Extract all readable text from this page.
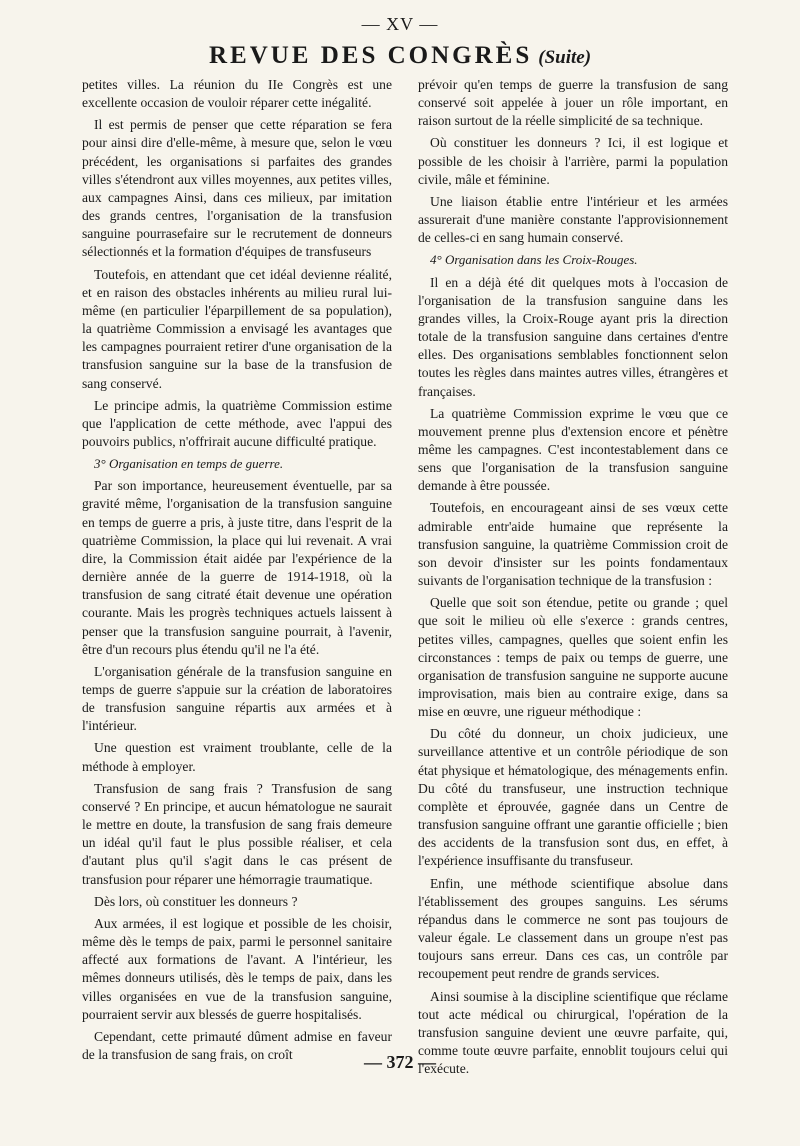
— XV —
REVUE DES CONGRÈS (Suite)

petites villes. La réunion du IIe Congrès est une excellente occasion de vouloir réparer cette inégalité.

Il est permis de penser que cette réparation se fera pour ainsi dire d'elle-même, à mesure que, selon le vœu précédent, les organisations si parfaites des grandes villes s'étendront aux villes moyennes, aux petites villes, aux campagnes Ainsi, dans ces milieux, par imitation des grands centres, l'organisation de la transfusion sanguine pourrasefaire sur le recrutement de donneurs sélectionnés et la formation d'équipes de transfuseurs

Toutefois, en attendant que cet idéal devienne réalité, et en raison des obstacles inhérents au milieu rural lui-même (en particulier l'éparpillement de sa population), la quatrième Commission a envisagé les avantages que les campagnes pourraient retirer d'une organisation de la transfusion sanguine sur la base de la transfusion de sang conservé.

Le principe admis, la quatrième Commission estime que l'application de cette méthode, avec l'appui des pouvoirs publics, n'offrirait aucune difficulté pratique.

3° Organisation en temps de guerre.

Par son importance, heureusement éventuelle, par sa gravité même, l'organisation de la transfusion sanguine en temps de guerre a pris, à juste titre, dans l'esprit de la quatrième Commission, la place qui lui revenait. A vrai dire, la Commission était aidée par l'expérience de la dernière année de la guerre de 1914-1918, où la transfusion de sang citraté était devenue une opération courante. Mais les progrès techniques actuels laissent à penser que la transfusion sanguine pourrait, à l'avenir, être d'un recours plus étendu qu'il ne l'a été.

L'organisation générale de la transfusion sanguine en temps de guerre s'appuie sur la création de laboratoires de transfusion sanguine répartis aux armées et à l'intérieur.

Une question est vraiment troublante, celle de la méthode à employer.

Transfusion de sang frais ? Transfusion de sang conservé ? En principe, et aucun hématologue ne saurait le mettre en doute, la transfusion de sang frais demeure un idéal qu'il faut le plus possible réaliser, et cela d'autant plus qu'il s'agit dans le cas présent de transfusion pour réparer une hémorragie traumatique.

Dès lors, où constituer les donneurs ?

Aux armées, il est logique et possible de les choisir, même dès le temps de paix, parmi le personnel sanitaire affecté aux formations de l'avant. A l'intérieur, les mêmes donneurs utilisés, dès le temps de paix, dans les villes organisées en vue de la transfusion sanguine, pourraient servir aux blessés de guerre hospitalisés.

Cependant, cette primauté dûment admise en faveur de la transfusion de sang frais, on croît

prévoir qu'en temps de guerre la transfusion de sang conservé soit appelée à jouer un rôle important, en raison surtout de la réelle simplicité de sa technique.

Où constituer les donneurs ? Ici, il est logique et possible de les choisir à l'arrière, parmi la population civile, mâle et féminine.

Une liaison établie entre l'intérieur et les armées assurerait d'une manière constante l'approvisionnement de celles-ci en sang humain conservé.

4° Organisation dans les Croix-Rouges.

Il en a déjà été dit quelques mots à l'occasion de l'organisation de la transfusion sanguine dans les grandes villes, la Croix-Rouge ayant pris la direction totale de la transfusion sanguine dans certaines d'entre elles. Des organisations semblables fonctionnent selon toutes les règles dans maintes autres villes, étrangères et françaises.

La quatrième Commission exprime le vœu que ce mouvement prenne plus d'extension encore et pénètre même les campagnes. C'est incontestablement dans ce sens que l'organisation de la transfusion sanguine demande à être poussée.

Toutefois, en encourageant ainsi de ses vœux cette admirable entr'aide humaine que représente la transfusion sanguine, la quatrième Commission croit de son devoir d'insister sur les points fondamentaux suivants de l'organisation technique de la transfusion :

Quelle que soit son étendue, petite ou grande ; quel que soit le milieu où elle s'exerce : grands centres, petites villes, campagnes, quelles que soient enfin les circonstances : temps de paix ou temps de guerre, une organisation de transfusion sanguine ne supporte aucune improvisation, mais bien au contraire exige, dans sa mise en œuvre, une rigueur méthodique :

Du côté du donneur, un choix judicieux, une surveillance attentive et un contrôle périodique de son état physique et hématologique, des ménagements enfin. Du côté du transfuseur, une instruction technique complète et éprouvée, gagnée dans un Centre de transfusion sanguine offrant une garantie officielle ; bien des accidents de la transfusion sont dus, en effet, à l'expérience insuffisante du transfuseur.

Enfin, une méthode scientifique absolue dans l'établissement des groupes sanguins. Les sérums répandus dans le commerce ne sont pas toujours de valeur égale. Le classement dans un groupe n'est pas toujours sans erreur. Dans ces cas, un contrôle par recoupement peut rendre de grands services.

Ainsi soumise à la discipline scientifique que réclame tout acte médical ou chirurgical, l'opération de la transfusion sanguine devient une œuvre parfaite, qui, comme toute œuvre parfaite, ennoblit toujours celui qui l'exécute.

— 372 —
